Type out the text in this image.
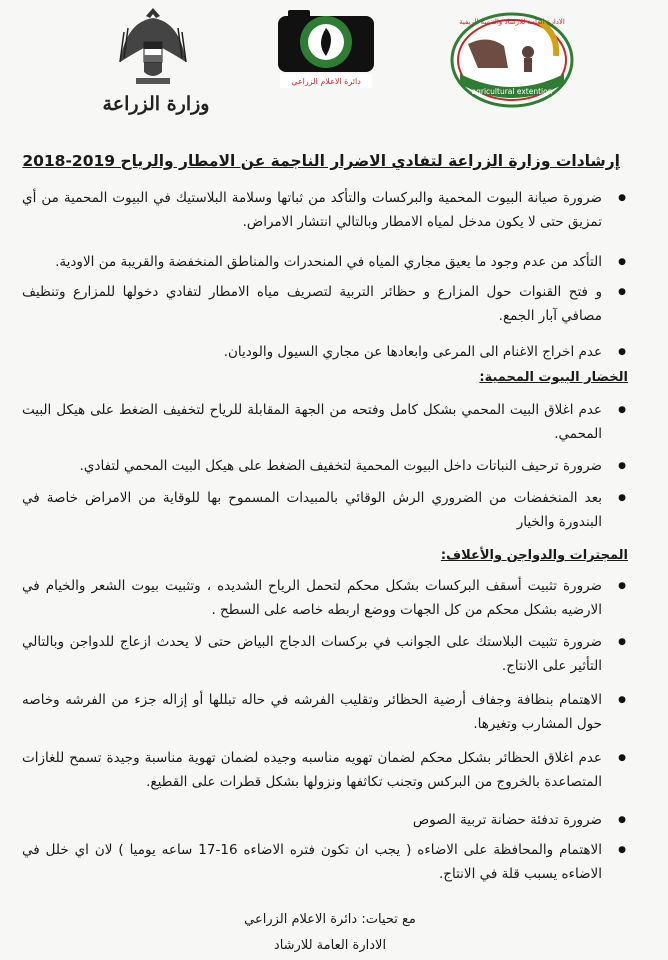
الادارة العامة للارشاد والتنمية الريفية
agricultural extention
دائرة الاعلام الزراعي
وزارة الزراعة
إرشادات وزارة الزراعة لتفادي الاضرار الناجمة عن الامطار والرياح 2019-2018
● ضرورة صيانة البيوت المحمية والبركسات والتأكد من ثباتها وسلامة البلاستيك في البيوت المحمية من أي تمزيق حتى لا يكون مدخل لمياه الامطار وبالتالي انتشار الامراض.
● التأكد من عدم وجود ما يعيق مجاري المياه في المنحدرات والمناطق المنخفضة والقريبة من الاودية.
● و فتح القنوات حول المزارع و حظائر التربية لتصريف مياه الامطار لتفادي دخولها للمزارع وتنظيف مصافي آبار الجمع.
● عدم اخراج الاغنام الى المرعى وابعادها عن مجاري السيول والوديان.
الخضار البيوت المحمية:
● عدم اغلاق البيت المحمي بشكل كامل وفتحه من الجهة المقابلة للرياح لتخفيف الضغط على هيكل البيت المحمي.
● ضرورة ترحيف النباتات داخل البيوت المحمية لتخفيف الضغط على هيكل البيت المحمي لتفادي.
● بعد المنخفضات من الضروري الرش الوقائي بالمبيدات المسموح بها للوقاية من الامراض خاصة في البندورة والخيار
المجترات والدواجن والأعلاف:
● ضرورة تثبيت أسقف البركسات بشكل محكم لتحمل الرياح الشديده ، وتثبيت بيوت الشعر والخيام في الارضيه بشكل محكم من كل الجهات ووضع اربطه خاصه على السطح .
● ضرورة تثبيت البلاستك على الجوانب في بركسات الدجاج البياض حتى لا يحدث ازعاج للدواجن وبالتالي التأثير على الانتاج.
● الاهتمام بنظافة وجفاف أرضية الحظائر وتقليب الفرشه في حاله تبللها أو إزاله جزء من الفرشه وخاصه حول المشارب وتغيرها.
● عدم اغلاق الحظائر بشكل محكم لضمان تهويه مناسبه وجيده لضمان تهوية مناسبة وجيدة تسمح للغازات المتصاعدة بالخروج من البركس وتجنب تكاثفها ونزولها بشكل قطرات على القطيع.
● ضرورة تدفئة حضانة تربية الصوص
● الاهتمام والمحافظة على الاضاءه ( يجب ان تكون فتره الاضاءه 16-17 ساعه يوميا ) لان اي خلل في الاضاءه يسبب قلة في الانتاج.
مع تحيات: دائرة الاعلام الزراعي
الادارة العامة للارشاد
